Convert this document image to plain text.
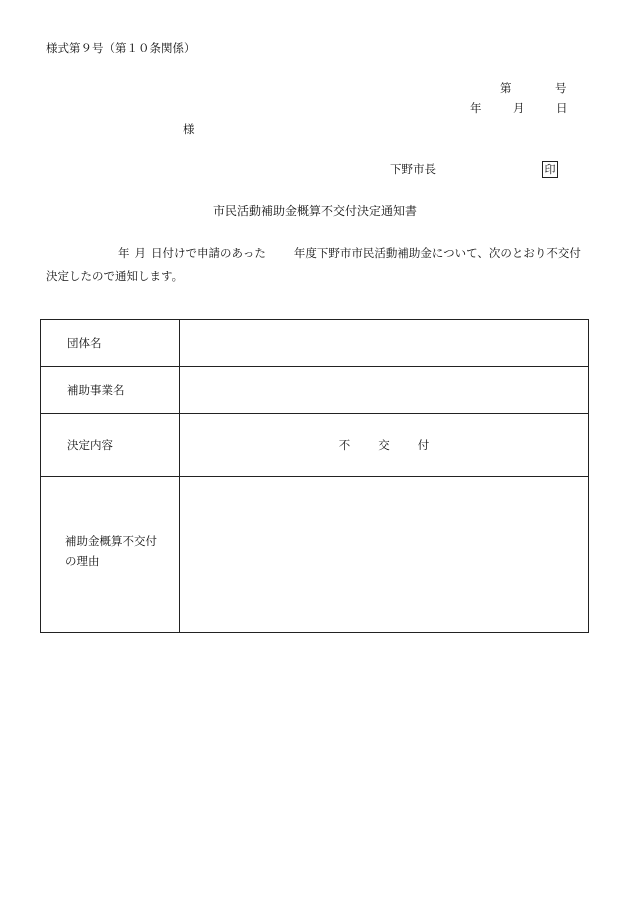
様式第９号（第１０条関係）
第	号
年	月	日
様
下野市長	印
市民活動補助金概算不交付決定通知書
年 月 日付けで申請のあった 年度下野市市民活動補助金について、次のとおり不交付決定したので通知します。
団体名	
補助事業名	
決定内容	不交付

補助金概算不交付の理由	
